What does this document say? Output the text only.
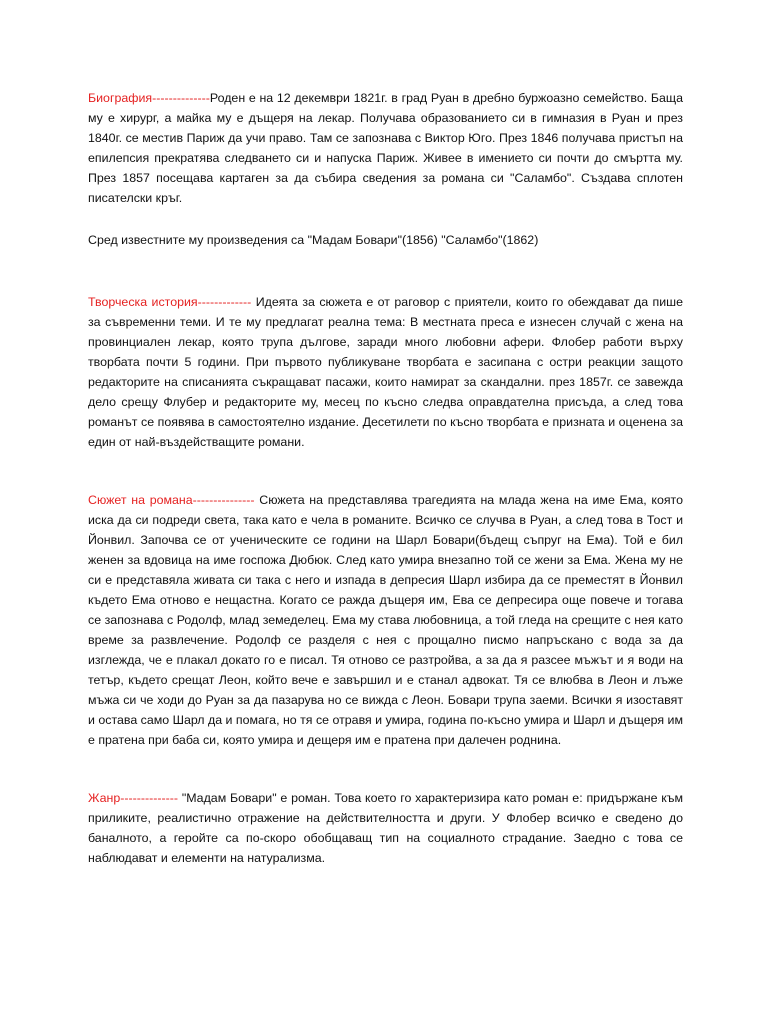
Биография--------------Роден е на 12 декември 1821г. в град Руан в дребно буржоазно семейство. Баща му е хирург, а майка му е дъщеря на лекар. Получава образованието си в гимназия в Руан и през 1840г. се местив Париж да учи право. Там се запознава с Виктор Юго. През 1846 получава пристъп на епилепсия прекратява следването си и напуска Париж. Живее в имението си почти до смъртта му. През 1857 посещава картаген за да събира сведения за романа си "Саламбо". Създава сплотен писателски кръг.

Сред известните му произведения са "Мадам Бовари"(1856) "Саламбо"(1862)

Творческа история------------- Идеята за сюжета е от раговор с приятели, които го обеждават да пише за съвременни теми. И те му предлагат реална тема: В местната преса е изнесен случай с жена на провинциален лекар, която трупа дългове, заради много любовни афери. Флобер работи върху творбата почти 5 години. При първото публикуване творбата е засипана с остри реакции защото редакторите на списанията съкращават пасажи, които намират за скандални. през 1857г. се завежда дело срещу Флубер и редакторите му, месец по късно следва оправдателна присъда, а след това романът се появява в самостоятелно издание. Десетилети по късно творбата е призната и оценена за един от най-въздействащите романи.

Сюжет на романа--------------- Сюжета на представлява трагедията на млада жена на име Ема, която иска да си подреди света, така като е чела в романите. Всичко се случва в Руан, а след това в Тост и Йонвил. Започва се от ученическите се години на Шарл Бовари(бъдещ съпруг на Ема). Той е бил женен за вдовица на име госпожа Дюбюк. След като умира внезапно той се жени за Ема. Жена му не си е представяла живата си така с него и изпада в депресия Шарл избира да се преместят в Йонвил където Ема отново е нещастна. Когато се ражда дъщеря им, Ева се депресира още повече и тогава се запознава с Родолф, млад земеделец. Ема му става любовница, а той гледа на срещите с нея като време за развлечение. Родолф се разделя с нея с прощално писмо напръскано с вода за да изглежда, че е плакал докато го е писал. Тя отново се разтройва, а за да я разсее мъжът и я води на тетър, където срещат Леон, който вече е завършил и е станал адвокат. Тя се влюбва в Леон и лъже мъжа си че ходи до Руан за да пазарува но се вижда с Леон. Бовари трупа заеми. Всички я изоставят и остава само Шарл да и помага, но тя се отравя и умира, година по-късно умира и Шарл и дъщеря им е пратена при баба си, която умира и дещеря им е пратена при далечен роднина.

Жанр-------------- "Мадам Бовари" е роман. Това което го характеризира като роман е: придържане към приликите, реалистично отражение на действителността и други. У Флобер всичко е сведено до баналното, а геройте са по-скоро обобщаващ тип на социалното страдание. Заедно с това се наблюдават и елементи на натурализма.
